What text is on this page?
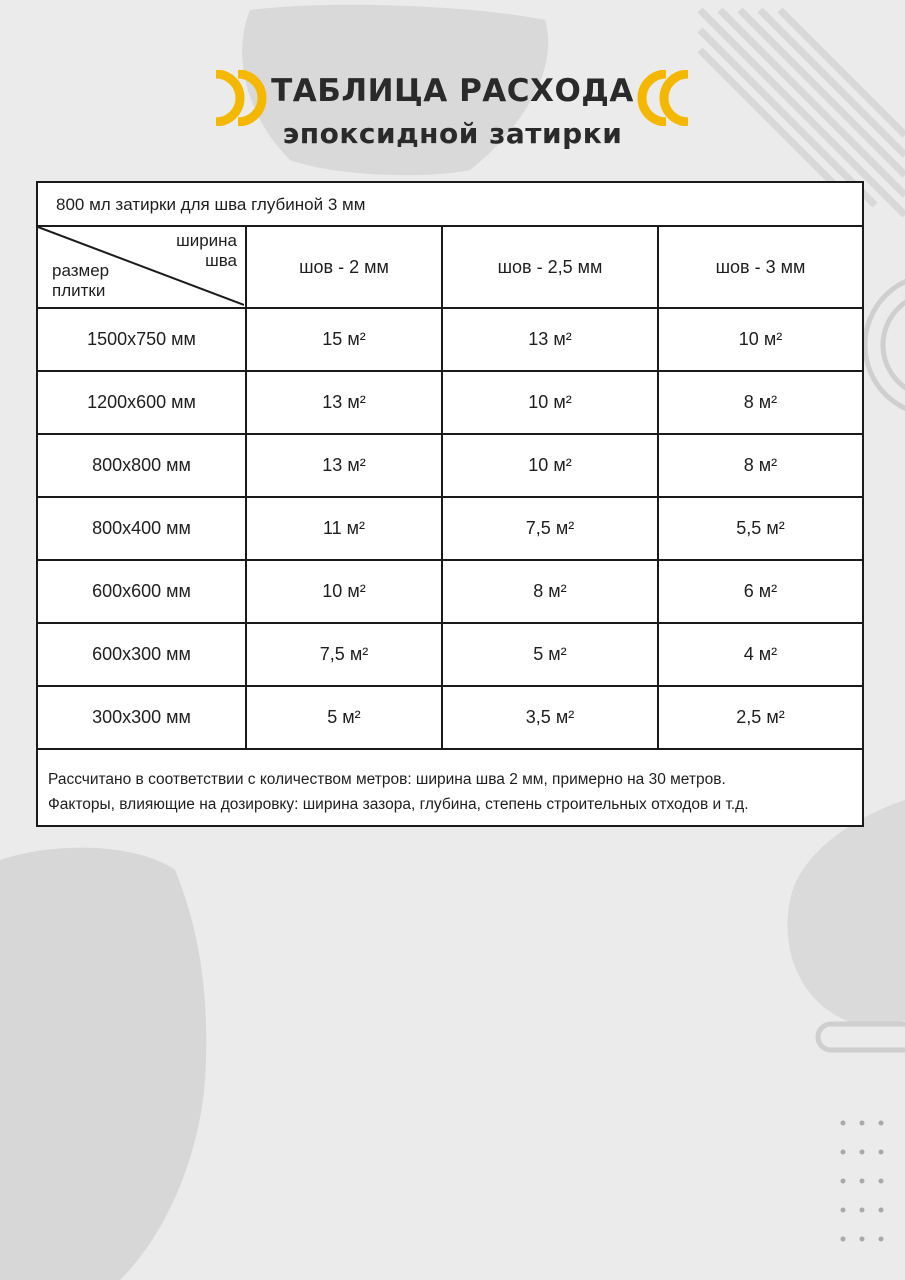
ТАБЛИЦА РАСХОДА
эпоксидной затирки
800 мл затирки для шва глубиной 3 мм
ширина
шва
размер
плитки	шов - 2 мм	шов - 2,5 мм	шов - 3 мм
1500x750 мм	15 м²	13 м²	10 м²
1200x600 мм	13 м²	10 м²	8 м²
800x800 мм	13 м²	10 м²	8 м²
800x400 мм	11 м²	7,5 м²	5,5 м²
600x600 мм	10 м²	8 м²	6 м²
600x300 мм	7,5 м²	5 м²	4 м²
300x300 мм	5 м²	3,5 м²	2,5 м²
Рассчитано в соответствии с количеством метров: ширина шва 2 мм, примерно на 30 метров.
Факторы, влияющие на дозировку: ширина зазора, глубина, степень строительных отходов и т.д.
